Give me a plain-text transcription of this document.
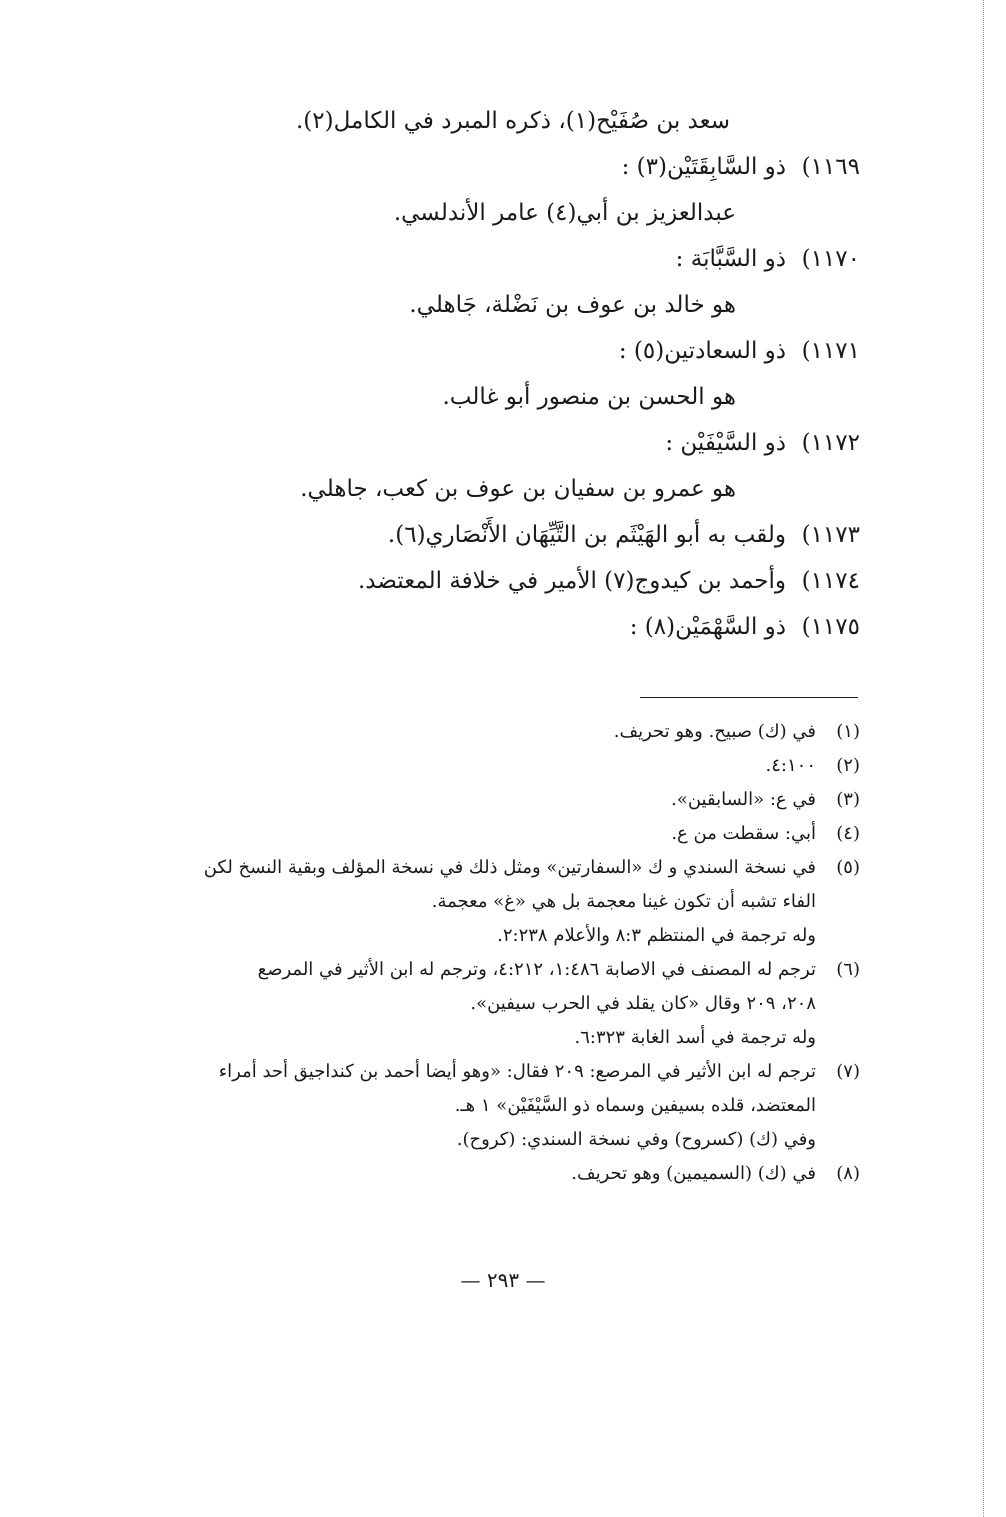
سعد بن صُفَيْح(١)، ذكره المبرد في الكامل(٢).
١١٦٩)
ذو السَّابِقَتَيْن(٣) :
عبدالعزيز بن أبي(٤) عامر الأندلسي.
١١٧٠)
ذو السَّبَّابَة :
هو خالد بن عوف بن نَضْلة، جَاهلي.
١١٧١)
ذو السعادتين(٥) :
هو الحسن بن منصور أبو غالب.
١١٧٢)
ذو السَّيْفَيْن :
هو عمرو بن سفيان بن عوف بن كعب، جاهلي.
١١٧٣)
ولقب به أبو الهَيْثَم بن التَّيِّهَان الأَنْصَاري(٦).
١١٧٤)
وأحمد بن كيدوج(٧) الأمير في خلافة المعتضد.
١١٧٥)
ذو السَّهْمَيْن(٨) :
(١)
في (ك) صبيح. وهو تحريف.
(٢)
٤:١٠٠.
(٣)
في ع: «السابقين».
(٤)
أبي: سقطت من ع.
(٥)
في نسخة السندي و ك «السفارتين» ومثل ذلك في نسخة المؤلف وبقية النسخ لكن
الفاء تشبه أن تكون غينا معجمة بل هي «غ» معجمة.
وله ترجمة في المنتظم ٨:٣ والأعلام ٢:٢٣٨.
(٦)
ترجم له المصنف في الاصابة ١:٤٨٦، ٤:٢١٢، وترجم له ابن الأثير في المرصع
٢٠٨، ٢٠٩ وقال «كان يقلد في الحرب سيفين».
وله ترجمة في أسد الغابة ٦:٣٢٣.
(٧)
ترجم له ابن الأثير في المرصع: ٢٠٩ فقال: «وهو أيضا أحمد بن كنداجيق أحد أمراء
المعتضد، قلده بسيفين وسماه ذو السَّيْفَيْن» ١ هـ.
وفي (ك) (كسروح) وفي نسخة السندي: (كروح).
(٨)
في (ك) (السميمين) وهو تحريف.
— ٢٩٣ —
